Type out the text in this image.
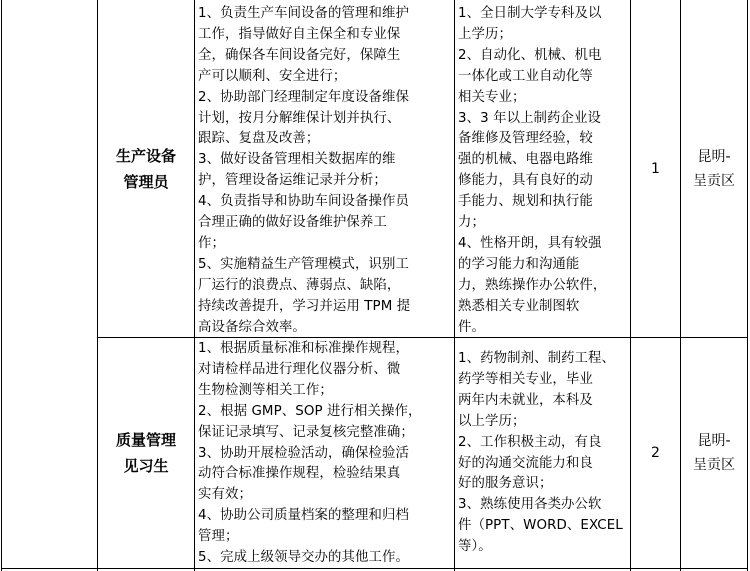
生产设备
管理员
1、负责生产车间设备的管理和维护
工作，指导做好自主保全和专业保
全，确保各车间设备完好，保障生
产可以顺利、安全进行；
2、协助部门经理制定年度设备维保
计划，按月分解维保计划并执行、
跟踪、复盘及改善；
3、做好设备管理相关数据库的维
护，管理设备运维记录并分析；
4、负责指导和协助车间设备操作员
合理正确的做好设备维护保养工
作；
5、实施精益生产管理模式，识别工
厂运行的浪费点、薄弱点、缺陷，
持续改善提升，学习并运用 TPM 提
高设备综合效率。
1、全日制大学专科及以
上学历；
2、自动化、机械、机电
一体化或工业自动化等
相关专业；
3、3 年以上制药企业设
备维修及管理经验，较
强的机械、电器电路维
修能力，具有良好的动
手能力、规划和执行能
力；
4、性格开朗，具有较强
的学习能力和沟通能
力，熟练操作办公软件，
熟悉相关专业制图软
件。
1
昆明-
呈贡区
质量管理
见习生
1、根据质量标准和标准操作规程，
对请检样品进行理化仪器分析、微
生物检测等相关工作；
2、根据 GMP、SOP 进行相关操作，
保证记录填写、记录复核完整准确；
3、协助开展检验活动，确保检验活
动符合标准操作规程，检验结果真
实有效；
4、协助公司质量档案的整理和归档
管理；
5、完成上级领导交办的其他工作。
1、药物制剂、制药工程、
药学等相关专业，毕业
两年内未就业，本科及
以上学历；
2、工作积极主动，有良
好的沟通交流能力和良
好的服务意识；
3、熟练使用各类办公软
件（PPT、WORD、EXCEL
等）。
2
昆明-
呈贡区
